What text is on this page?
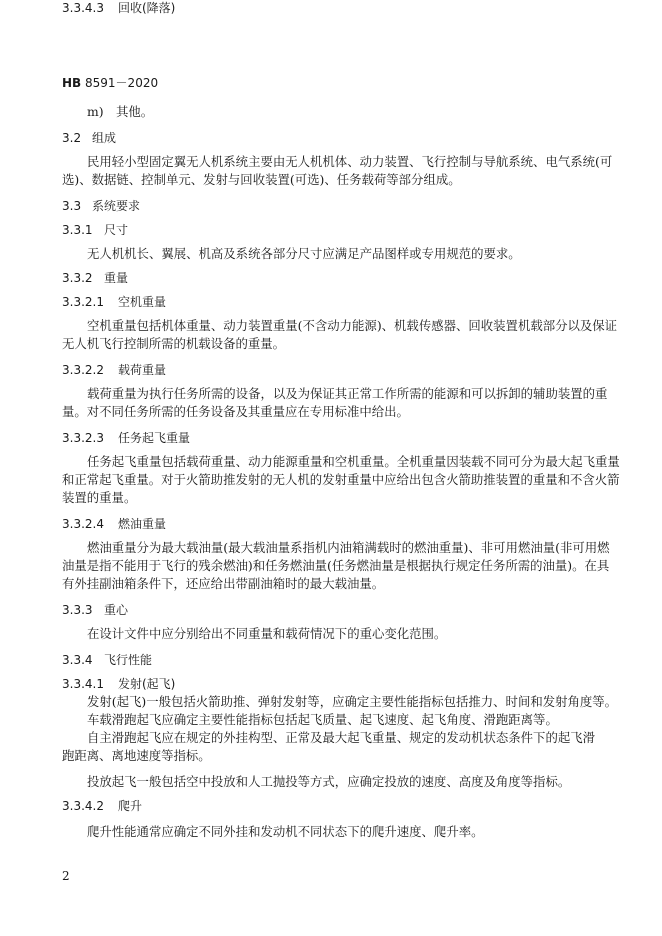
HB 8591－2020
m)　其他。
3.2 组成
民用轻小型固定翼无人机系统主要由无人机机体、动力装置、飞行控制与导航系统、电气系统(可
选)、数据链、控制单元、发射与回收装置(可选)、任务载荷等部分组成。
3.3 系统要求
3.3.1 尺寸
无人机机长、翼展、机高及系统各部分尺寸应满足产品图样或专用规范的要求。
3.3.2 重量
3.3.2.1 空机重量
空机重量包括机体重量、动力装置重量(不含动力能源)、机载传感器、回收装置机载部分以及保证
无人机飞行控制所需的机载设备的重量。
3.3.2.2 载荷重量
载荷重量为执行任务所需的设备，以及为保证其正常工作所需的能源和可以拆卸的辅助装置的重
量。对不同任务所需的任务设备及其重量应在专用标准中给出。
3.3.2.3 任务起飞重量
任务起飞重量包括载荷重量、动力能源重量和空机重量。全机重量因装载不同可分为最大起飞重量
和正常起飞重量。对于火箭助推发射的无人机的发射重量中应给出包含火箭助推装置的重量和不含火箭
装置的重量。
3.3.2.4 燃油重量
燃油重量分为最大载油量(最大载油量系指机内油箱满载时的燃油重量)、非可用燃油量(非可用燃
油量是指不能用于飞行的残余燃油)和任务燃油量(任务燃油量是根据执行规定任务所需的油量)。在具
有外挂副油箱条件下，还应给出带副油箱时的最大载油量。
3.3.3 重心
在设计文件中应分别给出不同重量和载荷情况下的重心变化范围。
3.3.4 飞行性能
3.3.4.1 发射(起飞)
发射(起飞)一般包括火箭助推、弹射发射等，应确定主要性能指标包括推力、时间和发射角度等。
车载滑跑起飞应确定主要性能指标包括起飞质量、起飞速度、起飞角度、滑跑距离等。
自主滑跑起飞应在规定的外挂构型、正常及最大起飞重量、规定的发动机状态条件下的起飞滑
跑距离、离地速度等指标。
投放起飞一般包括空中投放和人工抛投等方式，应确定投放的速度、高度及角度等指标。
3.3.4.2 爬升
爬升性能通常应确定不同外挂和发动机不同状态下的爬升速度、爬升率。
3.3.4.3 回收(降落)
2
